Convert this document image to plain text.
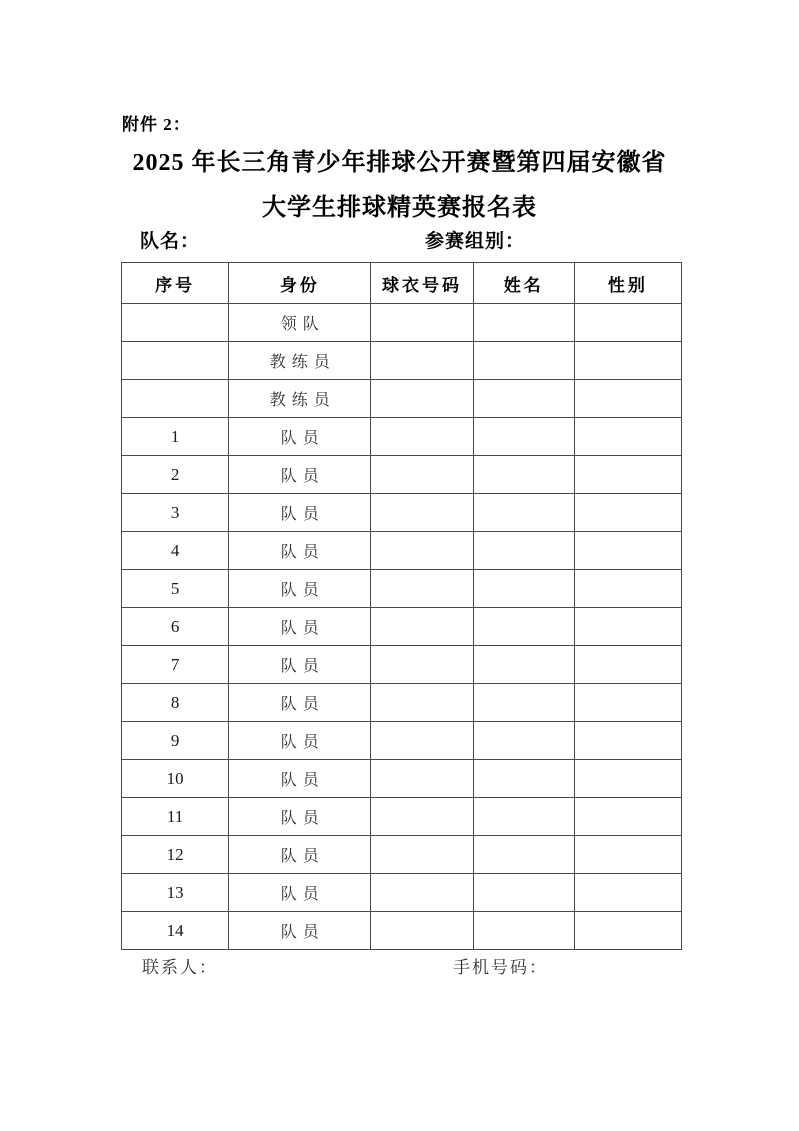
附件 2：
2025 年长三角青少年排球公开赛暨第四届安徽省
大学生排球精英赛报名表
队名：	参赛组别：
序号	身份	球衣号码	姓名	性别
	领队			
	教练员			
	教练员			
1	队员			
2	队员			
3	队员			
4	队员			
5	队员			
6	队员			
7	队员			
8	队员			
9	队员			
10	队员			
11	队员			
12	队员			
13	队员			
14	队员			
联系人：	手机号码：
